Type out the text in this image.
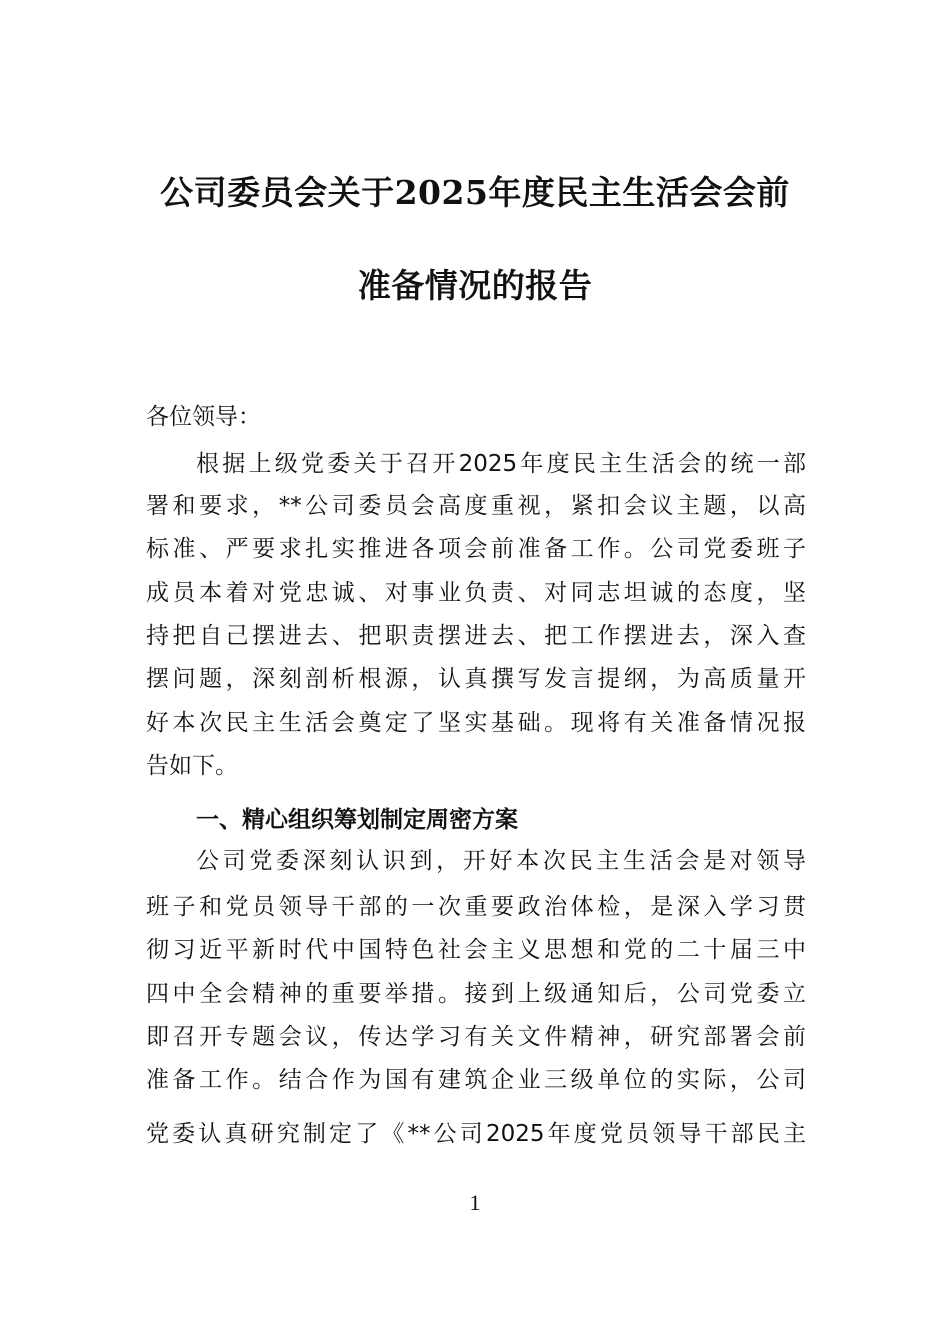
公司委员会关于2025年度民主生活会会前
准备情况的报告
各位领导：
根据上级党委关于召开2025年度民主生活会的统一部
署和要求，**公司委员会高度重视，紧扣会议主题，以高
标准、严要求扎实推进各项会前准备工作。公司党委班子
成员本着对党忠诚、对事业负责、对同志坦诚的态度，坚
持把自己摆进去、把职责摆进去、把工作摆进去，深入查
摆问题，深刻剖析根源，认真撰写发言提纲，为高质量开
好本次民主生活会奠定了坚实基础。现将有关准备情况报
告如下。
一、精心组织筹划制定周密方案
公司党委深刻认识到，开好本次民主生活会是对领导
班子和党员领导干部的一次重要政治体检，是深入学习贯
彻习近平新时代中国特色社会主义思想和党的二十届三中
四中全会精神的重要举措。接到上级通知后，公司党委立
即召开专题会议，传达学习有关文件精神，研究部署会前
准备工作。结合作为国有建筑企业三级单位的实际，公司
党委认真研究制定了《**公司2025年度党员领导干部民主
1
